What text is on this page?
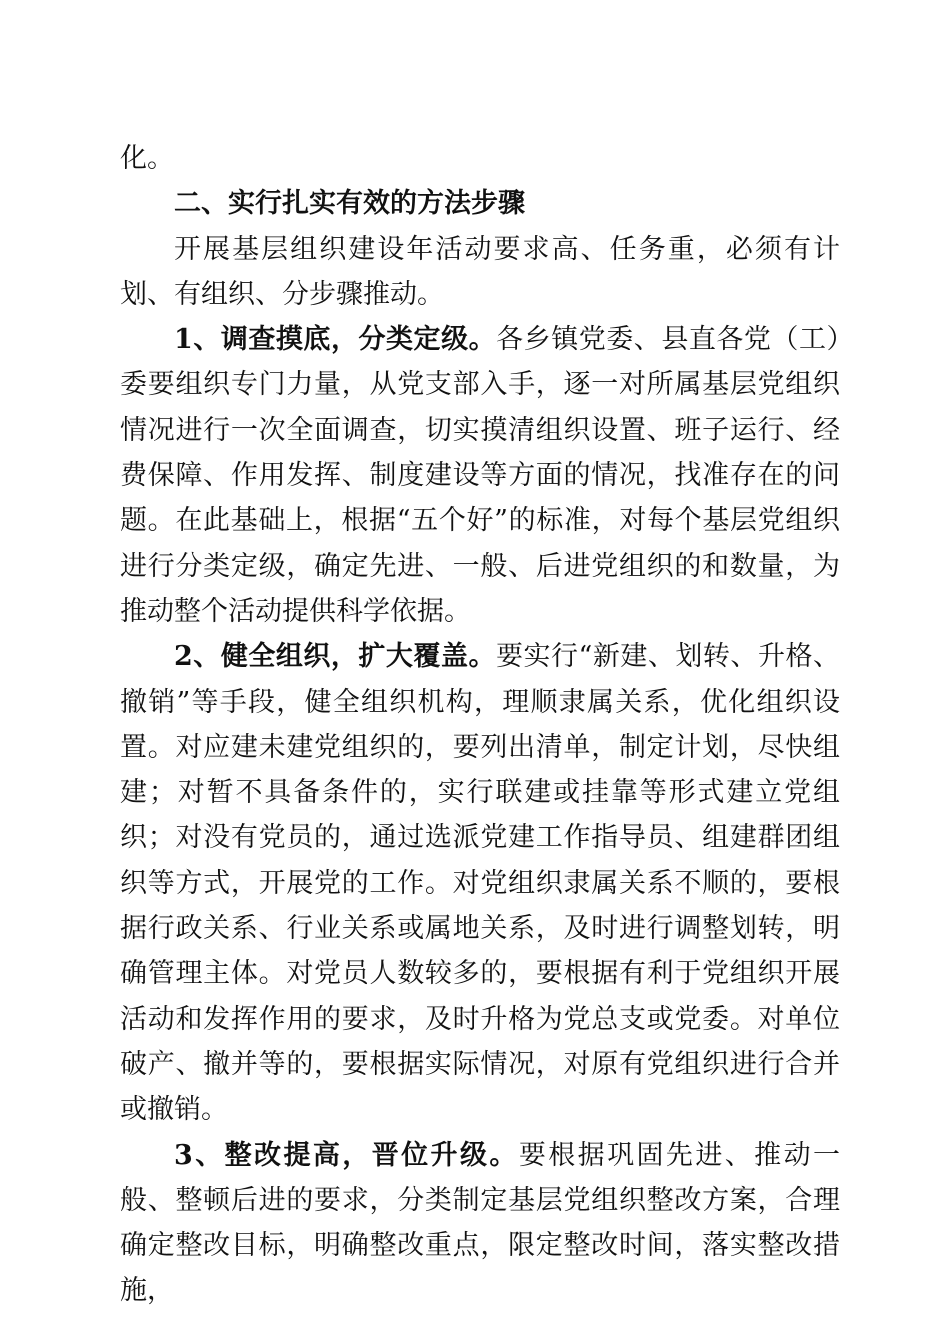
化。

二、实行扎实有效的方法步骤

开展基层组织建设年活动要求高、任务重，必须有计划、有组织、分步骤推动。

1、调查摸底，分类定级。各乡镇党委、县直各党（工）委要组织专门力量，从党支部入手，逐一对所属基层党组织情况进行一次全面调查，切实摸清组织设置、班子运行、经费保障、作用发挥、制度建设等方面的情况，找准存在的问题。在此基础上，根据“五个好”的标准，对每个基层党组织进行分类定级，确定先进、一般、后进党组织的和数量，为推动整个活动提供科学依据。

2、健全组织，扩大覆盖。要实行“新建、划转、升格、撤销”等手段，健全组织机构，理顺隶属关系，优化组织设置。对应建未建党组织的，要列出清单，制定计划，尽快组建；对暂不具备条件的，实行联建或挂靠等形式建立党组织；对没有党员的，通过选派党建工作指导员、组建群团组织等方式，开展党的工作。对党组织隶属关系不顺的，要根据行政关系、行业关系或属地关系，及时进行调整划转，明确管理主体。对党员人数较多的，要根据有利于党组织开展活动和发挥作用的要求，及时升格为党总支或党委。对单位破产、撤并等的，要根据实际情况，对原有党组织进行合并或撤销。

3、整改提高，晋位升级。要根据巩固先进、推动一般、整顿后进的要求，分类制定基层党组织整改方案，合理确定整改目标，明确整改重点，限定整改时间，落实整改措施，
